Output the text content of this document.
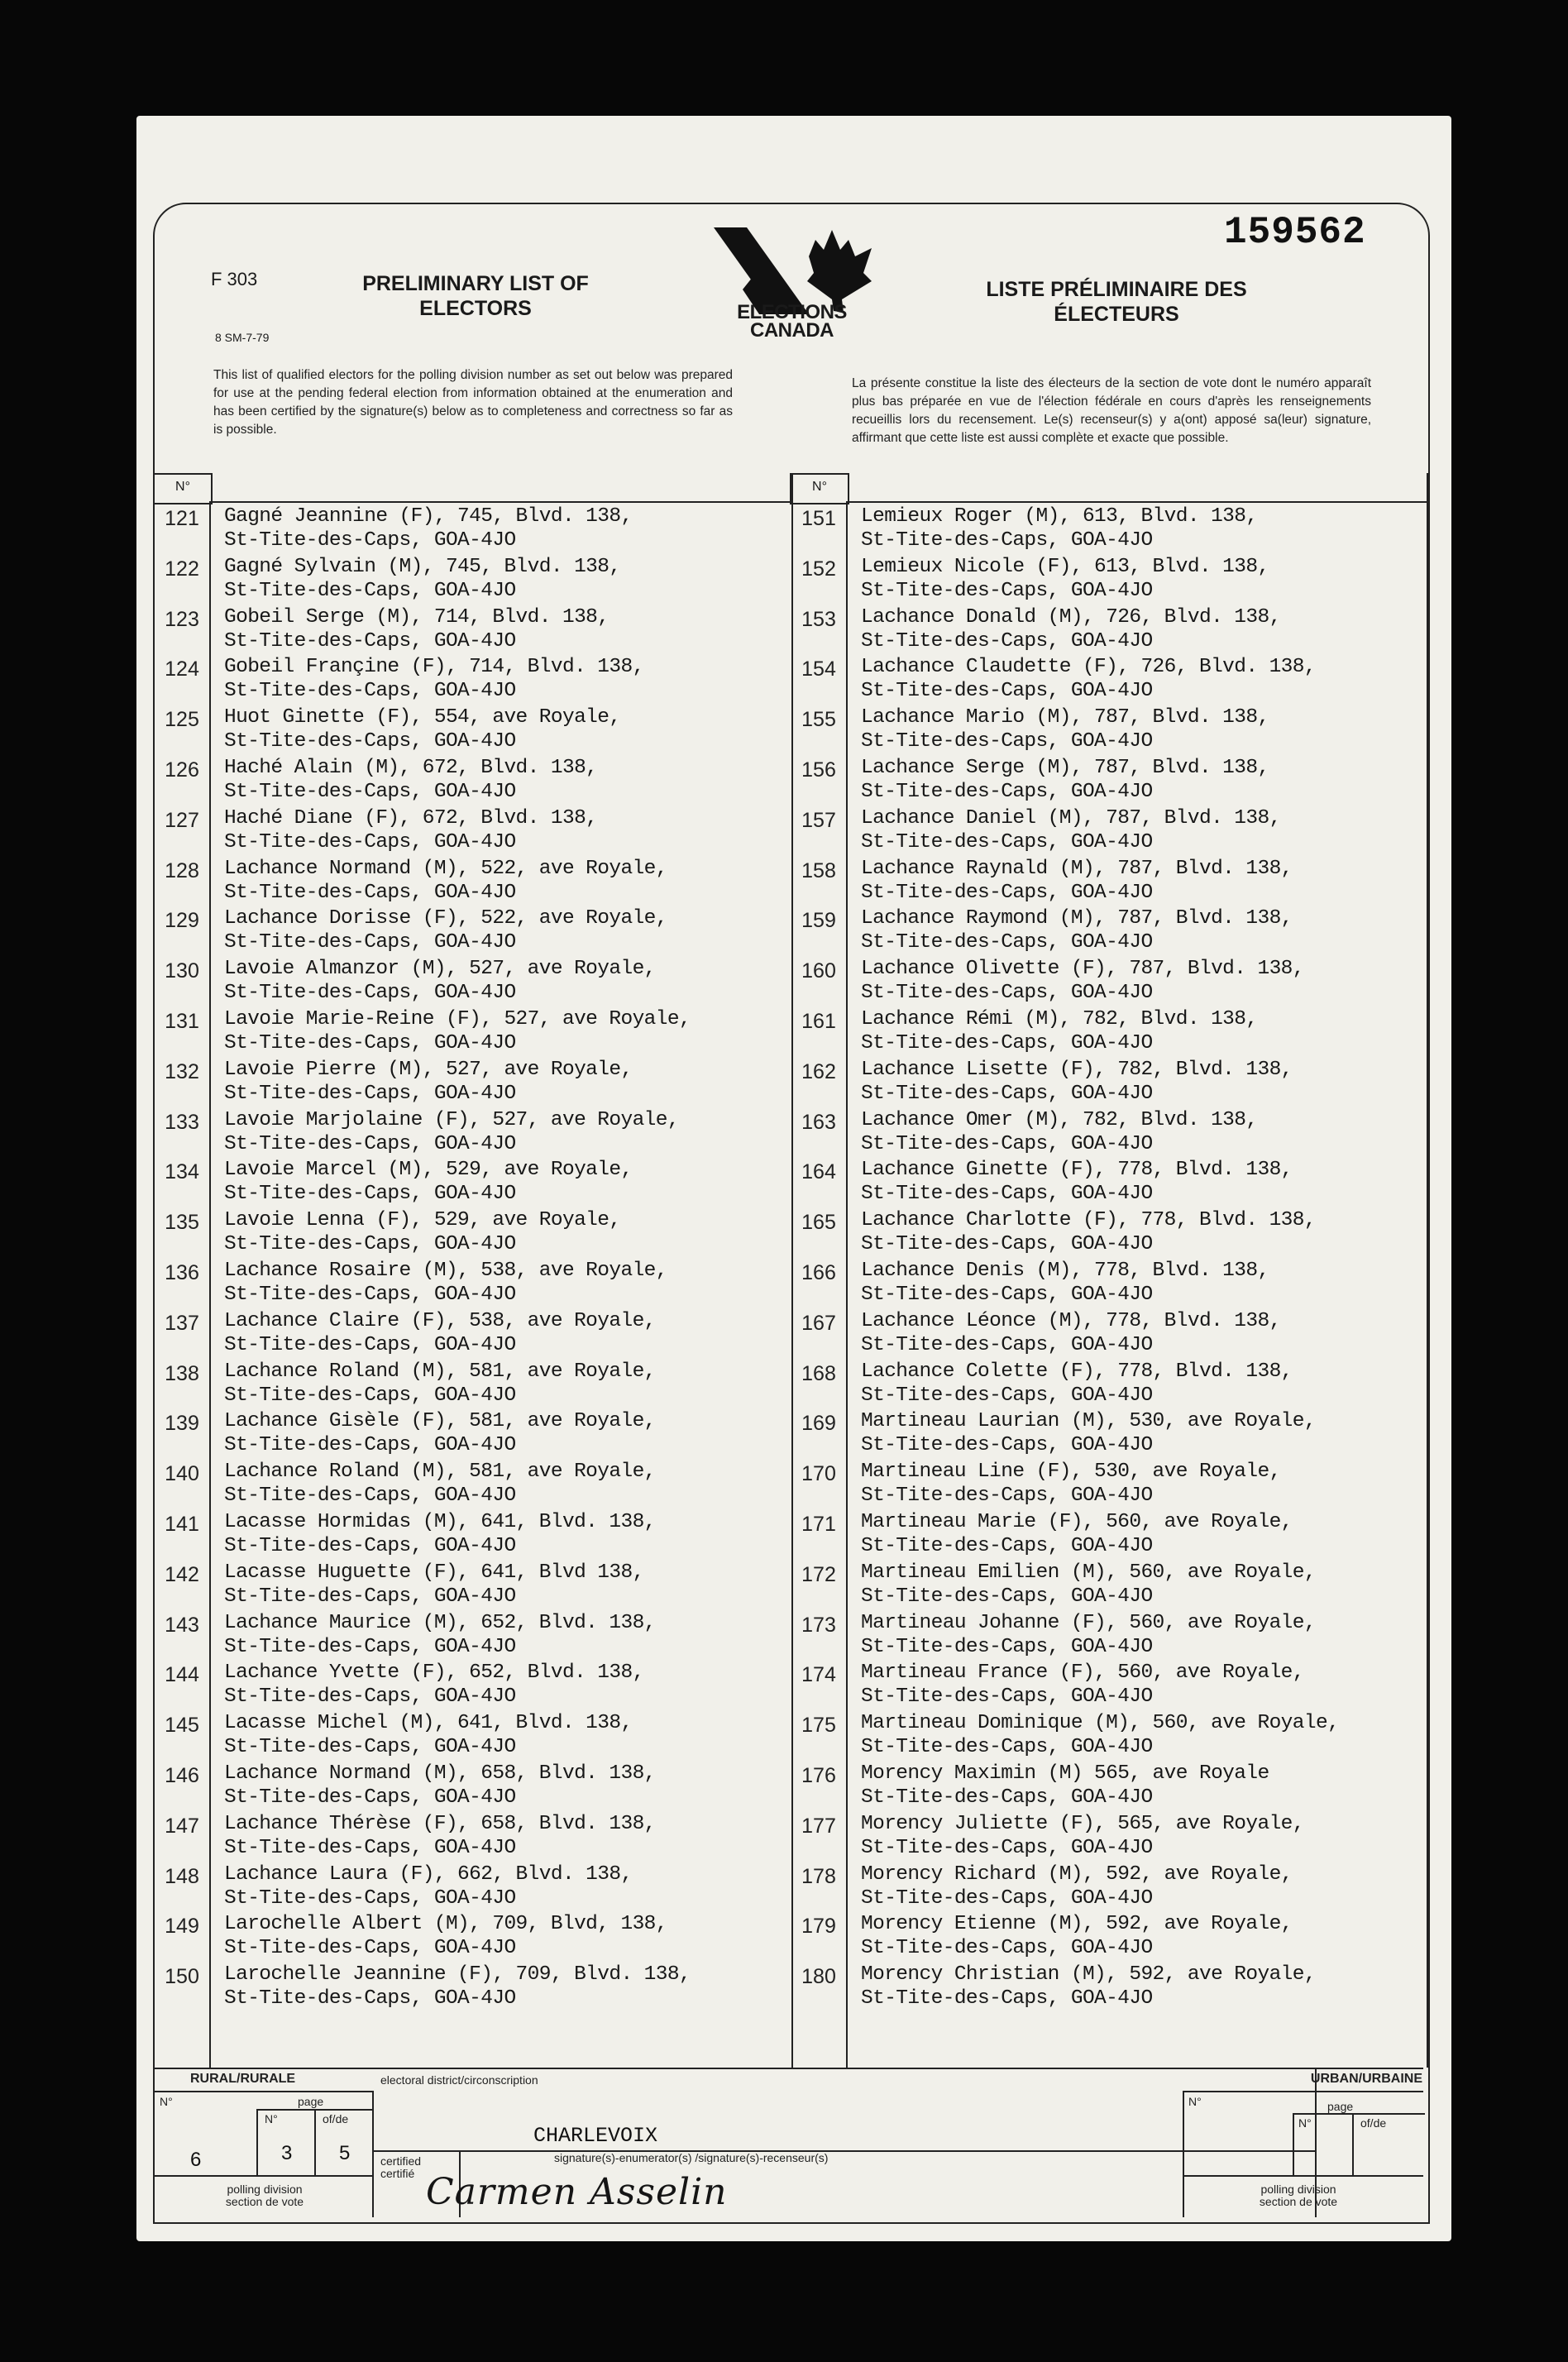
159562
F 303
8 SM-7-79
PRELIMINARY LIST OF ELECTORS
LISTE PRÉLIMINAIRE DES ÉLECTEURS
ELECTIONS
CANADA
This list of qualified electors for the polling division number as set out below was prepared for use at the pending federal election from information obtained at the enumeration and has been certified by the signature(s) below as to completeness and correctness so far as is possible.
La présente constitue la liste des électeurs de la section de vote dont le numéro apparaît plus bas préparée en vue de l'élection fédérale en cours d'après les renseignements recueillis lors du recensement. Le(s) recenseur(s) y a(ont) apposé sa(leur) signature, affirmant que cette liste est aussi complète et exacte que possible.
N°	N°
121	Gagné Jeannine (F), 745, Blvd. 138,
St-Tite-des-Caps, GOA-4JO
122	Gagné Sylvain (M), 745, Blvd. 138,
St-Tite-des-Caps, GOA-4JO
123	Gobeil Serge (M), 714, Blvd. 138,
St-Tite-des-Caps, GOA-4JO
124	Gobeil Françine (F), 714, Blvd. 138,
St-Tite-des-Caps, GOA-4JO
125	Huot Ginette (F), 554, ave Royale,
St-Tite-des-Caps, GOA-4JO
126	Haché Alain (M), 672, Blvd. 138,
St-Tite-des-Caps, GOA-4JO
127	Haché Diane (F), 672, Blvd. 138,
St-Tite-des-Caps, GOA-4JO
128	Lachance Normand (M), 522, ave Royale,
St-Tite-des-Caps, GOA-4JO
129	Lachance Dorisse (F), 522, ave Royale,
St-Tite-des-Caps, GOA-4JO
130	Lavoie Almanzor (M), 527, ave Royale,
St-Tite-des-Caps, GOA-4JO
131	Lavoie Marie-Reine (F), 527, ave Royale,
St-Tite-des-Caps, GOA-4JO
132	Lavoie Pierre (M), 527, ave Royale,
St-Tite-des-Caps, GOA-4JO
133	Lavoie Marjolaine (F), 527, ave Royale,
St-Tite-des-Caps, GOA-4JO
134	Lavoie Marcel (M), 529, ave Royale,
St-Tite-des-Caps, GOA-4JO
135	Lavoie Lenna (F), 529, ave Royale,
St-Tite-des-Caps, GOA-4JO
136	Lachance Rosaire (M), 538, ave Royale,
St-Tite-des-Caps, GOA-4JO
137	Lachance Claire (F), 538, ave Royale,
St-Tite-des-Caps, GOA-4JO
138	Lachance Roland (M), 581, ave Royale,
St-Tite-des-Caps, GOA-4JO
139	Lachance Gisèle (F), 581, ave Royale,
St-Tite-des-Caps, GOA-4JO
140	Lachance Roland (M), 581, ave Royale,
St-Tite-des-Caps, GOA-4JO
141	Lacasse Hormidas (M), 641, Blvd. 138,
St-Tite-des-Caps, GOA-4JO
142	Lacasse Huguette (F), 641, Blvd 138,
St-Tite-des-Caps, GOA-4JO
143	Lachance Maurice (M), 652, Blvd. 138,
St-Tite-des-Caps, GOA-4JO
144	Lachance Yvette (F), 652, Blvd. 138,
St-Tite-des-Caps, GOA-4JO
145	Lacasse Michel (M), 641, Blvd. 138,
St-Tite-des-Caps, GOA-4JO
146	Lachance Normand (M), 658, Blvd. 138,
St-Tite-des-Caps, GOA-4JO
147	Lachance Thérèse (F), 658, Blvd. 138,
St-Tite-des-Caps, GOA-4JO
148	Lachance Laura (F), 662, Blvd. 138,
St-Tite-des-Caps, GOA-4JO
149	Larochelle Albert (M), 709, Blvd, 138,
St-Tite-des-Caps, GOA-4JO
150	Larochelle Jeannine (F), 709, Blvd. 138,
St-Tite-des-Caps, GOA-4JO
151	Lemieux Roger (M), 613, Blvd. 138,
St-Tite-des-Caps, GOA-4JO
152	Lemieux Nicole (F), 613, Blvd. 138,
St-Tite-des-Caps, GOA-4JO
153	Lachance Donald (M), 726, Blvd. 138,
St-Tite-des-Caps, GOA-4JO
154	Lachance Claudette (F), 726, Blvd. 138,
St-Tite-des-Caps, GOA-4JO
155	Lachance Mario (M), 787, Blvd. 138,
St-Tite-des-Caps, GOA-4JO
156	Lachance Serge (M), 787, Blvd. 138,
St-Tite-des-Caps, GOA-4JO
157	Lachance Daniel (M), 787, Blvd. 138,
St-Tite-des-Caps, GOA-4JO
158	Lachance Raynald (M), 787, Blvd. 138,
St-Tite-des-Caps, GOA-4JO
159	Lachance Raymond (M), 787, Blvd. 138,
St-Tite-des-Caps, GOA-4JO
160	Lachance Olivette (F), 787, Blvd. 138,
St-Tite-des-Caps, GOA-4JO
161	Lachance Rémi (M), 782, Blvd. 138,
St-Tite-des-Caps, GOA-4JO
162	Lachance Lisette (F), 782, Blvd. 138,
St-Tite-des-Caps, GOA-4JO
163	Lachance Omer (M), 782, Blvd. 138,
St-Tite-des-Caps, GOA-4JO
164	Lachance Ginette (F), 778, Blvd. 138,
St-Tite-des-Caps, GOA-4JO
165	Lachance Charlotte (F), 778, Blvd. 138,
St-Tite-des-Caps, GOA-4JO
166	Lachance Denis (M), 778, Blvd. 138,
St-Tite-des-Caps, GOA-4JO
167	Lachance Léonce (M), 778, Blvd. 138,
St-Tite-des-Caps, GOA-4JO
168	Lachance Colette (F), 778, Blvd. 138,
St-Tite-des-Caps, GOA-4JO
169	Martineau Laurian (M), 530, ave Royale,
St-Tite-des-Caps, GOA-4JO
170	Martineau Line (F), 530, ave Royale,
St-Tite-des-Caps, GOA-4JO
171	Martineau Marie (F), 560, ave Royale,
St-Tite-des-Caps, GOA-4JO
172	Martineau Emilien (M), 560, ave Royale,
St-Tite-des-Caps, GOA-4JO
173	Martineau Johanne (F), 560, ave Royale,
St-Tite-des-Caps, GOA-4JO
174	Martineau France (F), 560, ave Royale,
St-Tite-des-Caps, GOA-4JO
175	Martineau Dominique (M), 560, ave Royale,
St-Tite-des-Caps, GOA-4JO
176	Morency Maximin (M) 565, ave Royale
St-Tite-des-Caps, GOA-4JO
177	Morency Juliette (F), 565, ave Royale,
St-Tite-des-Caps, GOA-4JO
178	Morency Richard (M), 592, ave Royale,
St-Tite-des-Caps, GOA-4JO
179	Morency Etienne (M), 592, ave Royale,
St-Tite-des-Caps, GOA-4JO
180	Morency Christian (M), 592, ave Royale,
St-Tite-des-Caps, GOA-4JO
RURAL/RURALE
N°	page
N°	of/de
6	3 5
polling division
section de vote
electoral district/circonscription
CHARLEVOIX
certified
certifié
signature(s)-enumerator(s) /signature(s)-recenseur(s)
URBAN/URBAINE
N°	page
N°	of/de
polling division
section de vote
Carmen Asselin
